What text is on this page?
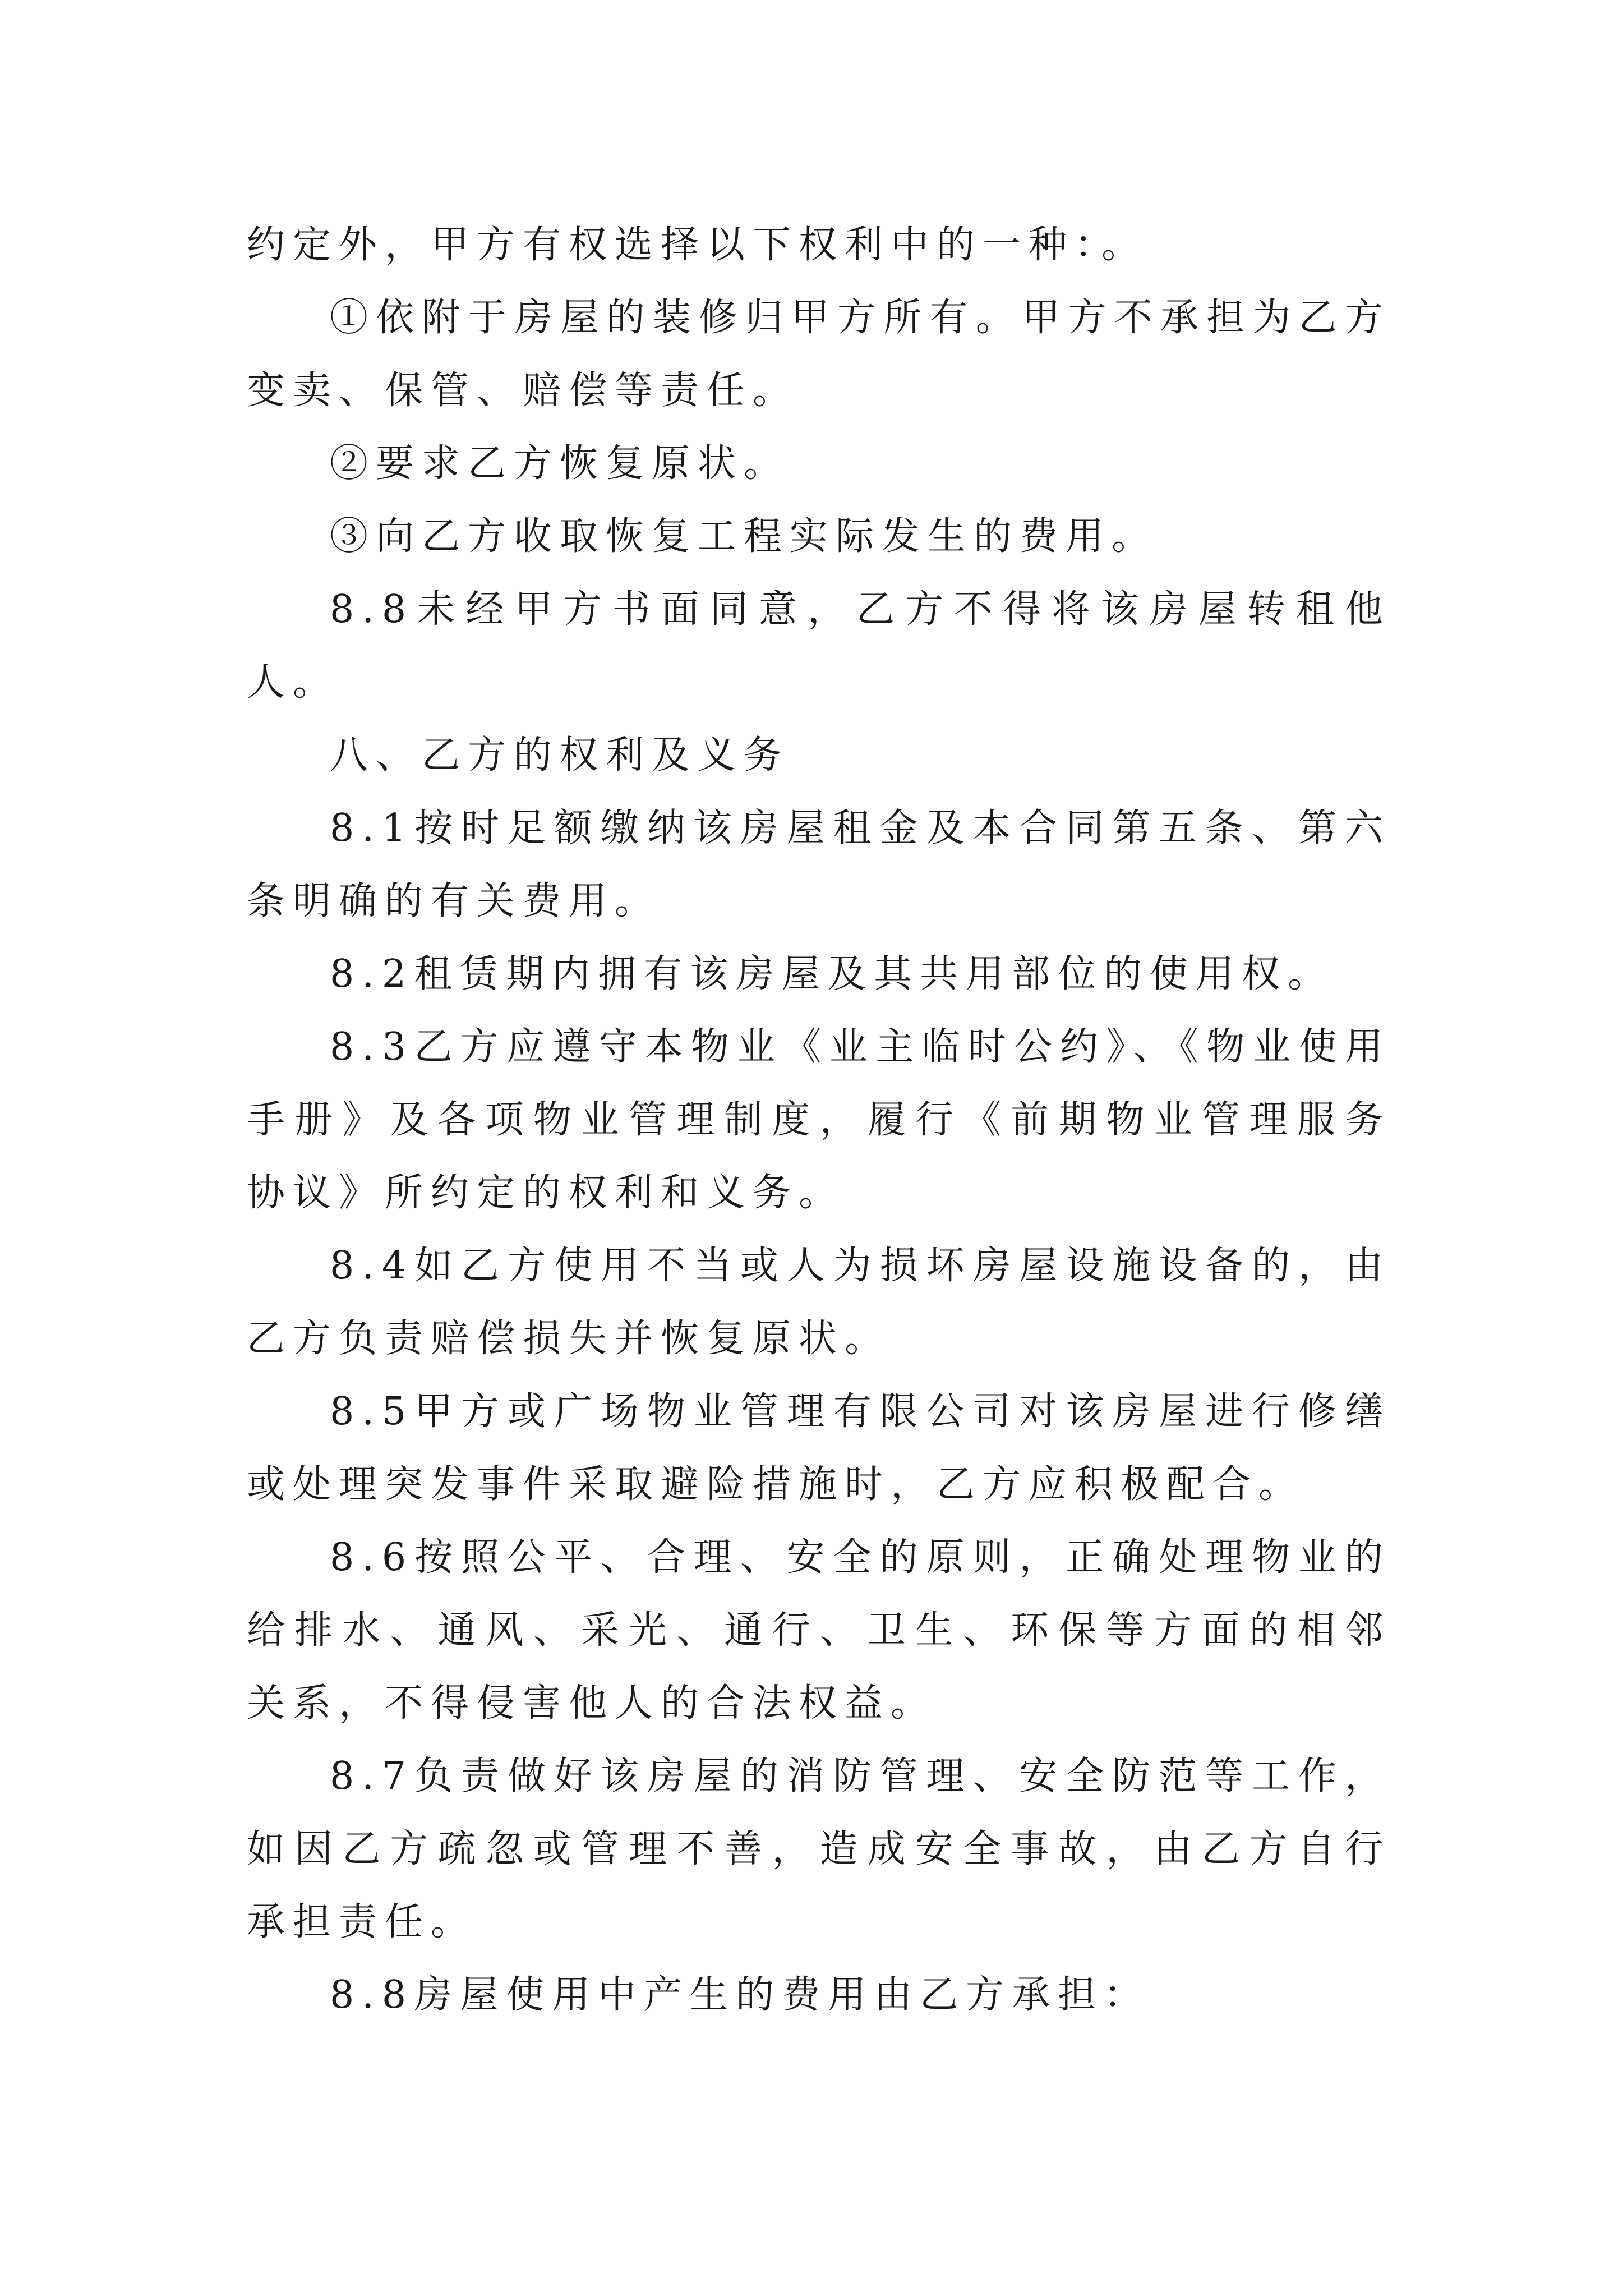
约定外，甲方有权选择以下权利中的一种：。

①依附于房屋的装修归甲方所有。甲方不承担为乙方变卖、保管、赔偿等责任。

②要求乙方恢复原状。

③向乙方收取恢复工程实际发生的费用。

8.8未经甲方书面同意，乙方不得将该房屋转租他人。

八、乙方的权利及义务

8.1按时足额缴纳该房屋租金及本合同第五条、第六条明确的有关费用。

8.2租赁期内拥有该房屋及其共用部位的使用权。

8.3乙方应遵守本物业《业主临时公约》、《物业使用手册》及各项物业管理制度，履行《前期物业管理服务协议》所约定的权利和义务。

8.4如乙方使用不当或人为损坏房屋设施设备的，由乙方负责赔偿损失并恢复原状。

8.5甲方或广场物业管理有限公司对该房屋进行修缮或处理突发事件采取避险措施时，乙方应积极配合。

8.6按照公平、合理、安全的原则，正确处理物业的给排水、通风、采光、通行、卫生、环保等方面的相邻关系，不得侵害他人的合法权益。

8.7负责做好该房屋的消防管理、安全防范等工作，如因乙方疏忽或管理不善，造成安全事故，由乙方自行承担责任。

8.8房屋使用中产生的费用由乙方承担：
